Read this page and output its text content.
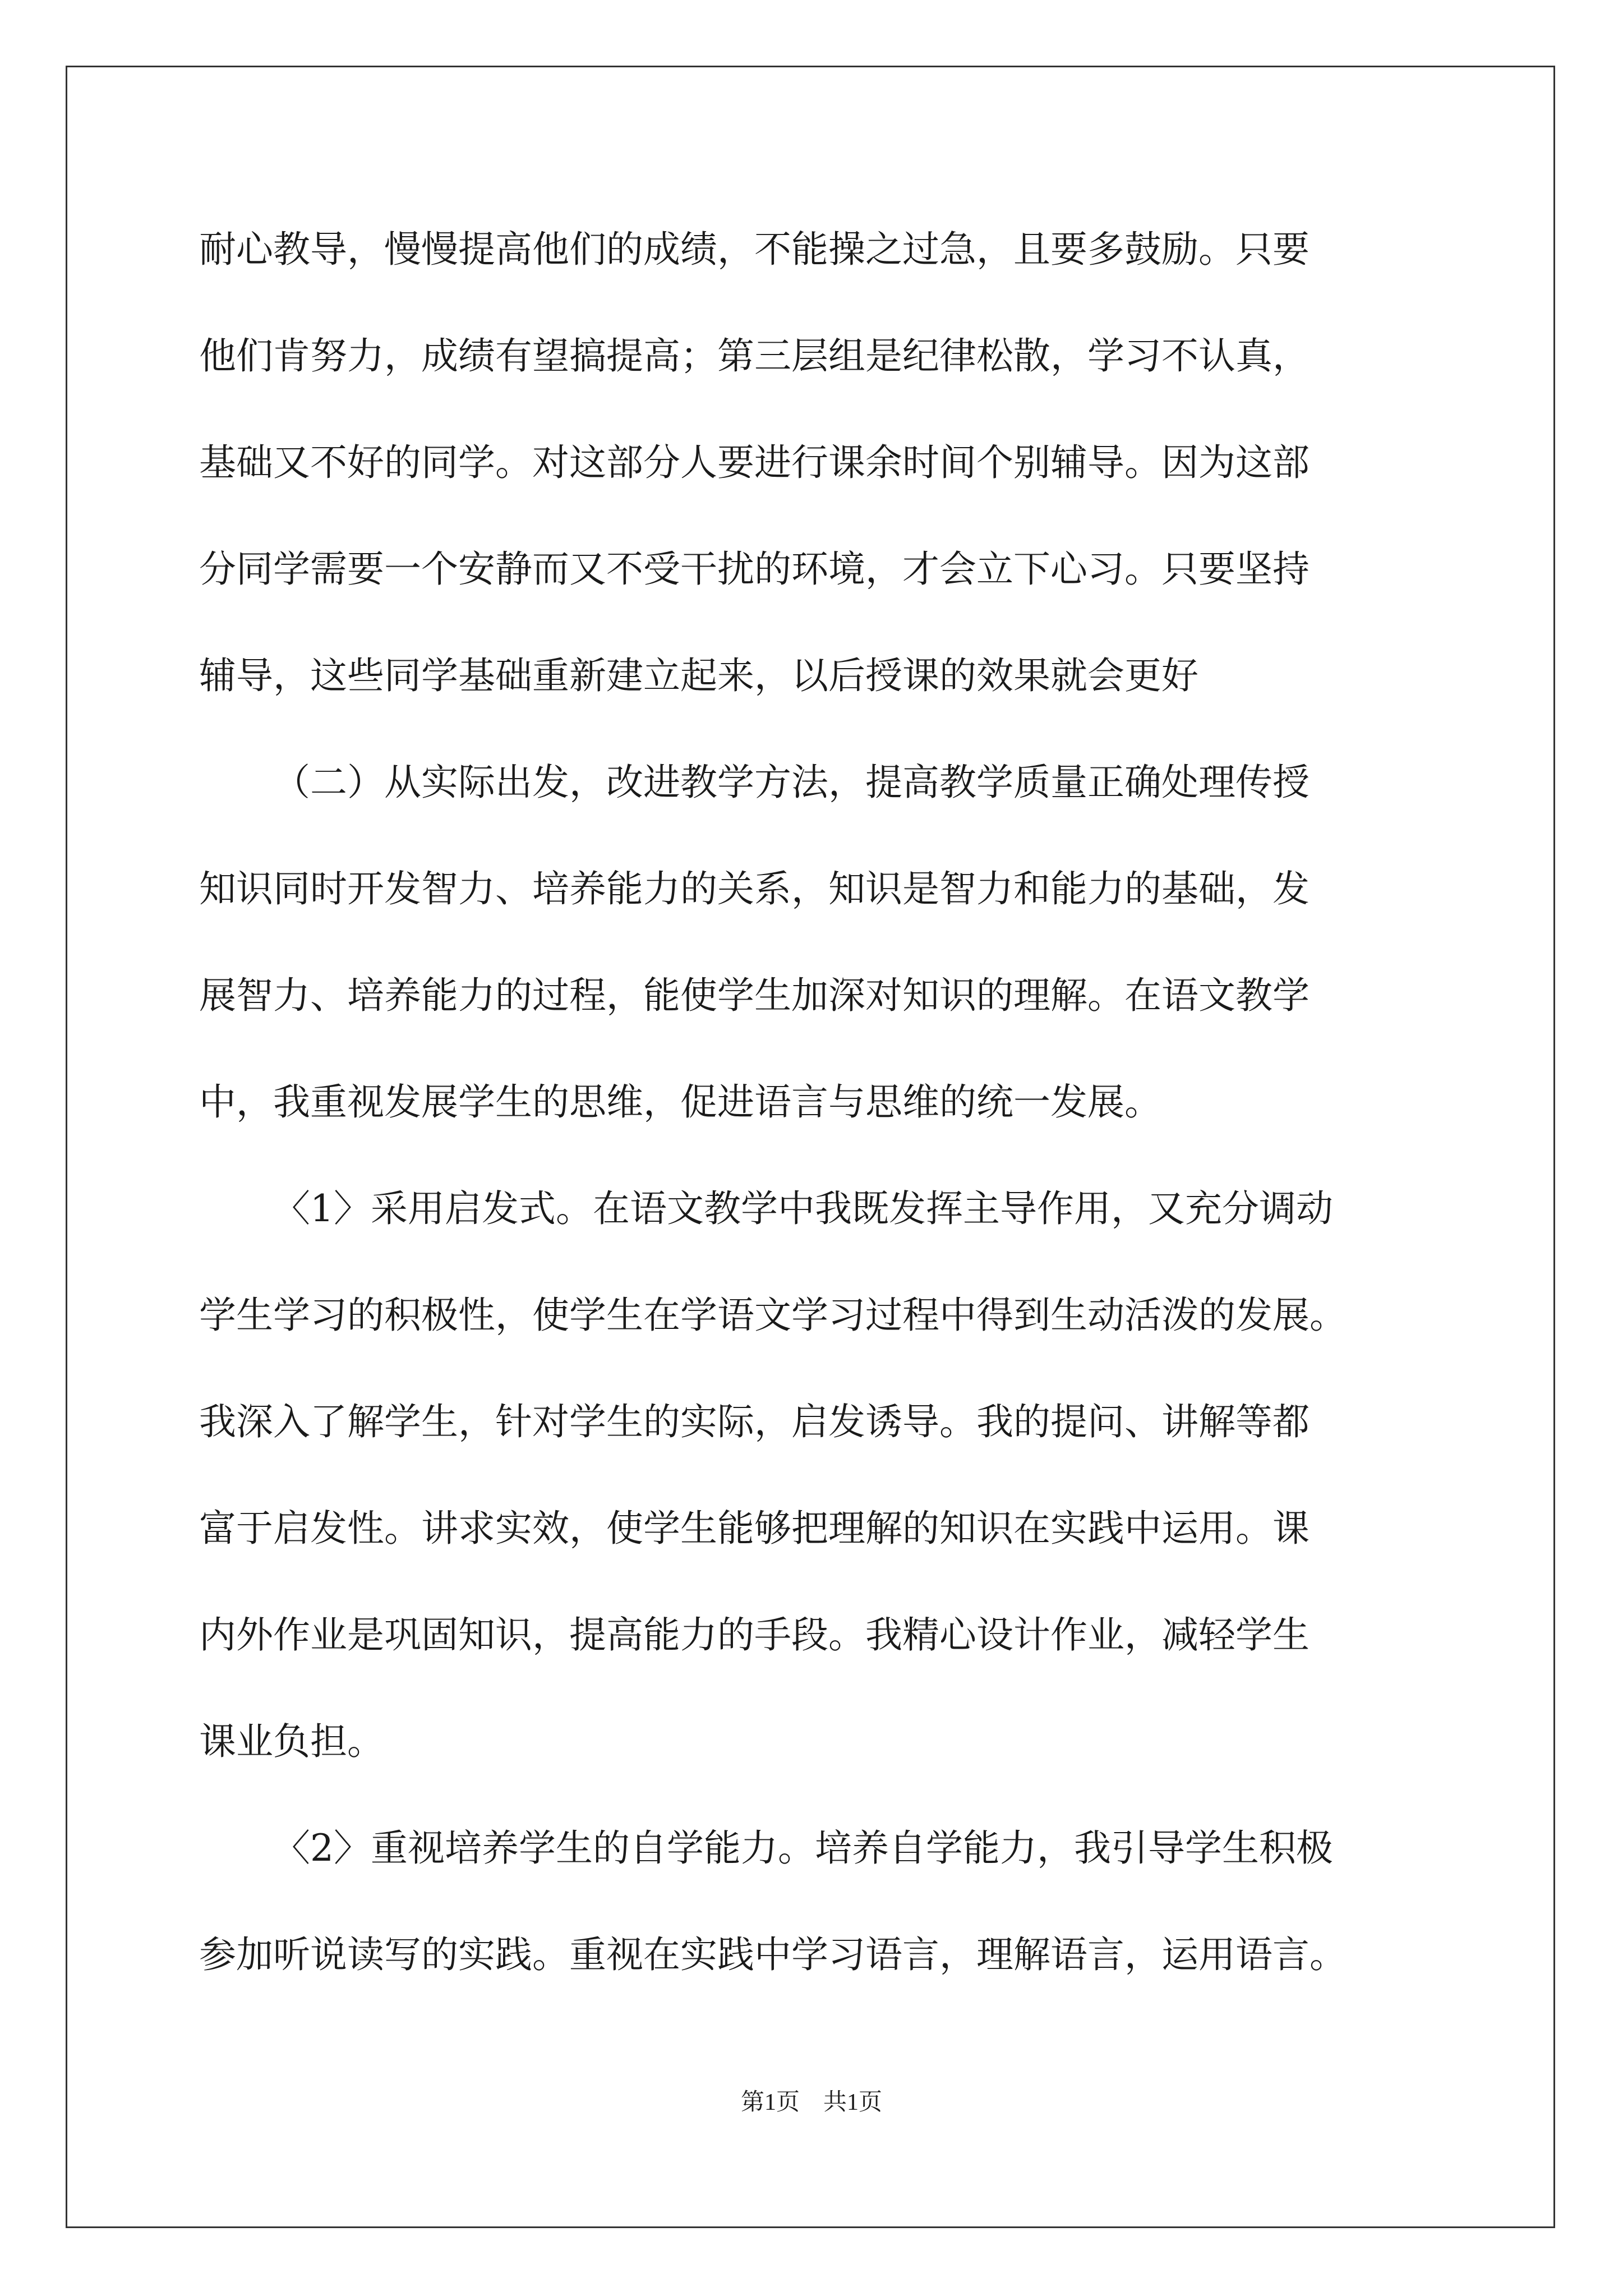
耐心教导，慢慢提高他们的成绩，不能操之过急，且要多鼓励。只要
他们肯努力，成绩有望搞提高；第三层组是纪律松散，学习不认真，
基础又不好的同学。对这部分人要进行课余时间个别辅导。因为这部
分同学需要一个安静而又不受干扰的环境，才会立下心习。只要坚持
辅导，这些同学基础重新建立起来，以后授课的效果就会更好
（二）从实际出发，改进教学方法，提高教学质量正确处理传授
知识同时开发智力、培养能力的关系，知识是智力和能力的基础，发
展智力、培养能力的过程，能使学生加深对知识的理解。在语文教学
中，我重视发展学生的思维，促进语言与思维的统一发展。
〈1〉采用启发式。在语文教学中我既发挥主导作用，又充分调动
学生学习的积极性，使学生在学语文学习过程中得到生动活泼的发展。
我深入了解学生，针对学生的实际，启发诱导。我的提问、讲解等都
富于启发性。讲求实效，使学生能够把理解的知识在实践中运用。课
内外作业是巩固知识，提高能力的手段。我精心设计作业，减轻学生
课业负担。
〈2〉重视培养学生的自学能力。培养自学能力，我引导学生积极
参加听说读写的实践。重视在实践中学习语言，理解语言，运用语言。
第1页　共1页
